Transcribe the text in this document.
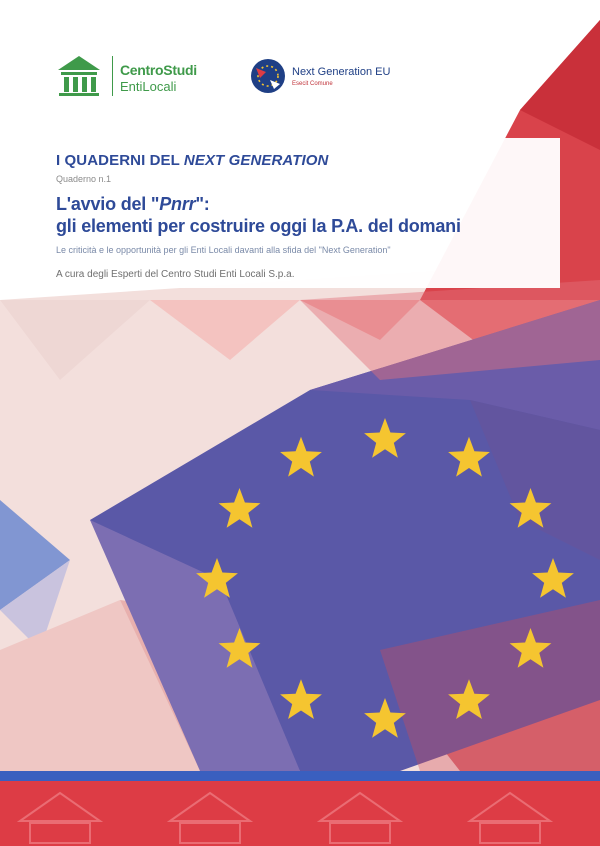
CentroStudi
EntiLocali
Next Generation EU
Esecit Comune
I QUADERNI DEL NEXT GENERATION
Quaderno n.1
L'avvio del "Pnrr":
gli elementi per costruire oggi la P.A. del domani
Le criticità e le opportunità per gli Enti Locali davanti alla sfida del "Next Generation"
A cura degli Esperti del Centro Studi Enti Locali S.p.a.
